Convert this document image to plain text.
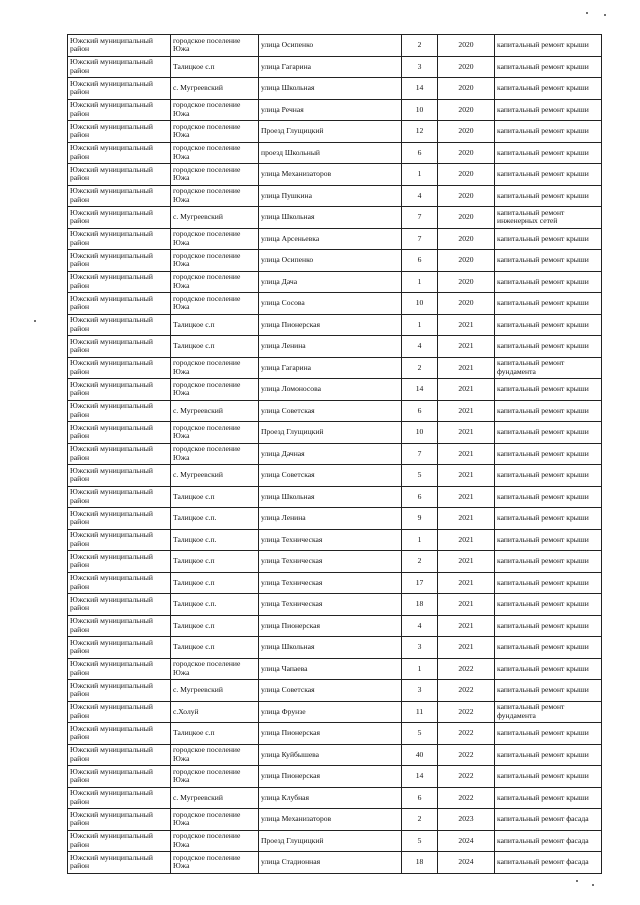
Южский муниципальный район	городское поселение Южа	улица Осипенко	2	2020	капитальный ремонт крыши
Южский муниципальный район	Талицкое с.п	улица Гагарина	3	2020	капитальный ремонт крыши
Южский муниципальный район	с. Мугреевский	улица Школьная	14	2020	капитальный ремонт крыши
Южский муниципальный район	городское поселение Южа	улица Речная	10	2020	капитальный ремонт крыши
Южский муниципальный район	городское поселение Южа	Проезд Глущицкий	12	2020	капитальный ремонт крыши
Южский муниципальный район	городское поселение Южа	проезд Школьный	6	2020	капитальный ремонт крыши
Южский муниципальный район	городское поселение Южа	улица Механизаторов	1	2020	капитальный ремонт крыши
Южский муниципальный район	городское поселение Южа	улица Пушкина	4	2020	капитальный ремонт крыши
Южский муниципальный район	с. Мугреевский	улица Школьная	7	2020	капитальный ремонт инженерных сетей
Южский муниципальный район	городское поселение Южа	улица Арсеньевка	7	2020	капитальный ремонт крыши
Южский муниципальный район	городское поселение Южа	улица Осипенко	6	2020	капитальный ремонт крыши
Южский муниципальный район	городское поселение Южа	улица Дача	1	2020	капитальный ремонт крыши
Южский муниципальный район	городское поселение Южа	улица Сосова	10	2020	капитальный ремонт крыши
Южский муниципальный район	Талицкое с.п	улица Пионерская	1	2021	капитальный ремонт крыши
Южский муниципальный район	Талицкое с.п	улица Ленина	4	2021	капитальный ремонт крыши
Южский муниципальный район	городское поселение Южа	улица Гагарина	2	2021	капитальный ремонт фундамента
Южский муниципальный район	городское поселение Южа	улица Ломоносова	14	2021	капитальный ремонт крыши
Южский муниципальный район	с. Мугреевский	улица Советская	6	2021	капитальный ремонт крыши
Южский муниципальный район	городское поселение Южа	Проезд Глущицкий	10	2021	капитальный ремонт крыши
Южский муниципальный район	городское поселение Южа	улица Дачная	7	2021	капитальный ремонт крыши
Южский муниципальный район	с. Мугреевский	улица Советская	5	2021	капитальный ремонт крыши
Южский муниципальный район	Талицкое с.п	улица Школьная	6	2021	капитальный ремонт крыши
Южский муниципальный район	Талицкое с.п.	улица Ленина	9	2021	капитальный ремонт крыши
Южский муниципальный район	Талицкое с.п.	улица Техническая	1	2021	капитальный ремонт крыши
Южский муниципальный район	Талицкое с.п	улица Техническая	2	2021	капитальный ремонт крыши
Южский муниципальный район	Талицкое с.п	улица Техническая	17	2021	капитальный ремонт крыши
Южский муниципальный район	Талицкое с.п.	улица Техническая	18	2021	капитальный ремонт крыши
Южский муниципальный район	Талицкое с.п	улица Пионерская	4	2021	капитальный ремонт крыши
Южский муниципальный район	Талицкое с.п	улица Школьная	3	2021	капитальный ремонт крыши
Южский муниципальный район	городское поселение Южа	улица Чапаева	1	2022	капитальный ремонт крыши
Южский муниципальный район	с. Мугреевский	улица Советская	3	2022	капитальный ремонт крыши
Южский муниципальный район	с.Холуй	улица Фрунзе	11	2022	капитальный ремонт фундамента
Южский муниципальный район	Талицкое с.п	улица Пионерская	5	2022	капитальный ремонт крыши
Южский муниципальный район	городское поселение Южа	улица Куйбышева	40	2022	капитальный ремонт крыши
Южский муниципальный район	городское поселение Южа	улица Пионерская	14	2022	капитальный ремонт крыши
Южский муниципальный район	с. Мугреевский	улица Клубная	6	2022	капитальный ремонт крыши
Южский муниципальный район	городское поселение Южа	улица Механизаторов	2	2023	капитальный ремонт фасада
Южский муниципальный район	городское поселение Южа	Проезд Глущицкий	5	2024	капитальный ремонт фасада
Южский муниципальный район	городское поселение Южа	улица Стадионная	18	2024	капитальный ремонт фасада
